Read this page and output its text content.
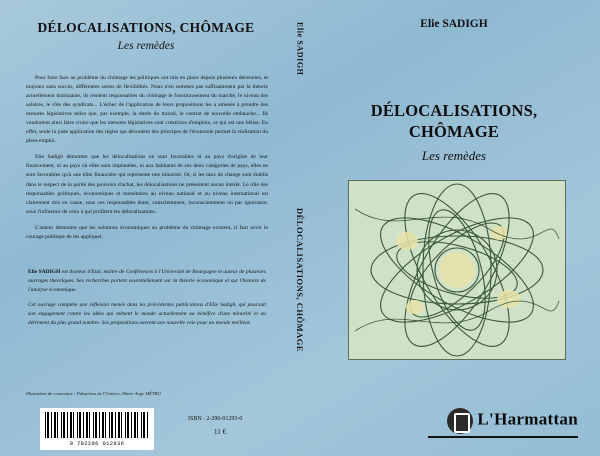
DÉLOCALISATIONS, CHÔMAGE
Les remèdes

Pour faire face au problème du chômage les politiques ont mis en place depuis plusieurs décennies, et toujours sans succès, différentes sortes de flexibilités. Nous n'en sommes pas suffisamment par la théorie actuellement dominante, ils rendent responsables du chômage le fonctionnement du marché, le niveau des salaires, le rôle des syndicats... L'échec de l'application de leurs propositions les a amenés à prendre des mesures législatives telles que, par exemple, la durée du travail, le contrat de nouvelle embauche... Ils voudraient ainsi faire croire que les mesures législatives sont créatrices d'emplois, ce qui est une bêtise. En effet, seule la juste application des règles qui découlent des principes de l'économie permet la réalisation du plein-emploi.

Elie Sadigh démontre que les délocalisations ne sont favorables ni au pays d'origine de leur financement, ni au pays où elles sont implantées, ni aux habitants de ces deux catégories de pays, elles ne sont favorables qu'à une élite financière qui représente une minorité. Or, si les taux de change sont établis dans le respect de la parité des pouvoirs d'achat, les délocalisations ne présentent aucun intérêt. Le rôle des responsables politiques, économiques et monétaires au niveau national et au niveau international est clairement mis en cause, tous ces responsables étant, consciemment, inconsciemment ou par ignorance, sous l'influence de ceux à qui profitent les délocalisations.

L'auteur démontre que les solutions économiques au problème du chômage existent, il faut avoir le courage politique de les appliquer.

Elie SADIGH est docteur d'Etat, maître de Conférences à l'Université de Bourgogne et auteur de plusieurs ouvrages théoriques. Ses recherches portent essentiellement sur la théorie économique et sur l'histoire de l'analyse économique.

Cet ouvrage complète une réflexion menée dans les précédentes publications d'Elie Sadigh, qui poursuit son engagement contre les idées qui mènent le monde actuellement au bénéfice d'une minorité et au détriment du plus grand nombre. Ses propositions ouvrent une nouvelle voie pour un monde meilleur.

Illustration de couverture : Pulsations de l'Univers, Marie-Ange MÉTRO
ISBN : 2-296-01293-0
11 €
9 782296 012936
Elie SADIGH
DÉLOCALISATIONS, CHÔMAGE
Elie SADIGH
DÉLOCALISATIONS,
CHÔMAGE
Les remèdes
L'Harmattan
